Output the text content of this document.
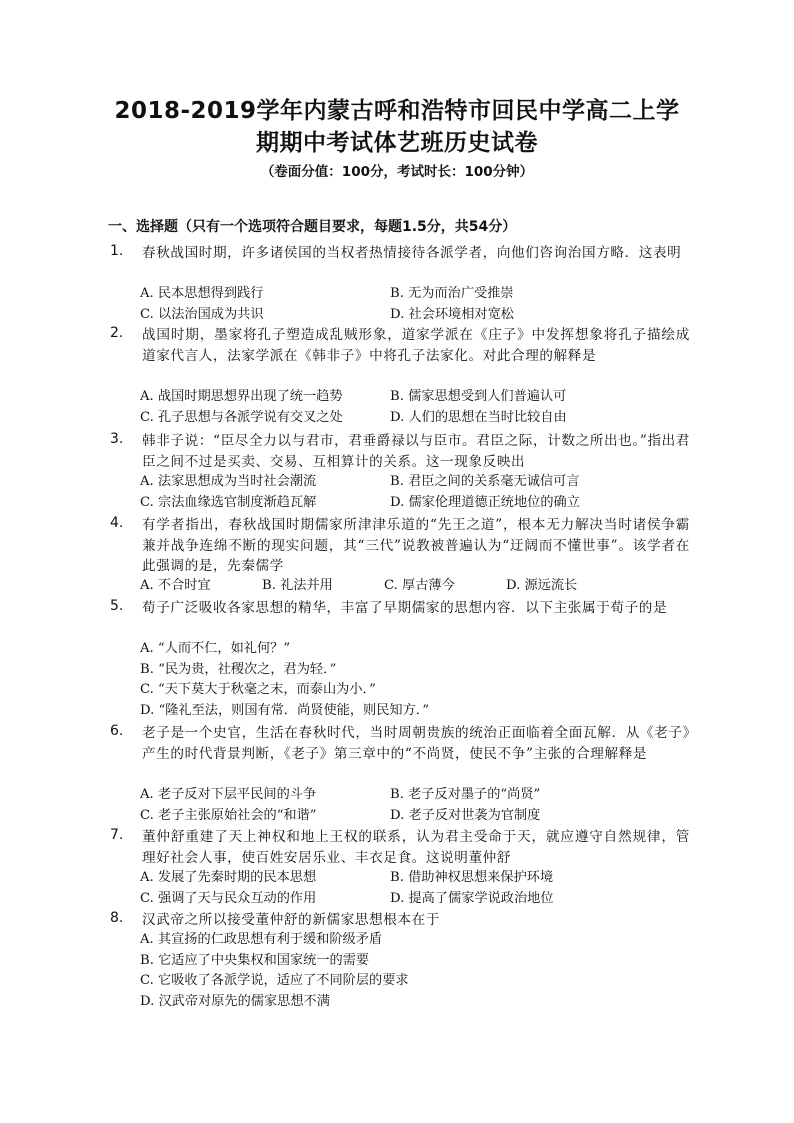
2018-2019学年内蒙古呼和浩特市回民中学高二上学
期期中考试体艺班历史试卷
（卷面分值：100分，考试时长：100分钟）
一、选择题（只有一个选项符合题目要求，每题1.5分，共54分）
1.	春秋战国时期，许多诸侯国的当权者热情接待各派学者，向他们咨询治国方略．这表明
A. 民本思想得到践行	B. 无为而治广受推崇
C. 以法治国成为共识	D. 社会环境相对宽松
2.	战国时期，墨家将孔子塑造成乱贼形象，道家学派在《庄子》中发挥想象将孔子描绘成道家代言人，法家学派在《韩非子》中将孔子法家化。对此合理的解释是
A. 战国时期思想界出现了统一趋势	B. 儒家思想受到人们普遍认可
C. 孔子思想与各派学说有交叉之处	D. 人们的思想在当时比较自由
3.	韩非子说：“臣尽全力以与君市，君垂爵禄以与臣市。君臣之际，计数之所出也。”指出君臣之间不过是买卖、交易、互相算计的关系。这一现象反映出
A. 法家思想成为当时社会潮流	B. 君臣之间的关系毫无诚信可言
C. 宗法血缘选官制度渐趋瓦解	D. 儒家伦理道德正统地位的确立
4.	有学者指出，春秋战国时期儒家所津津乐道的“先王之道”，根本无力解决当时诸侯争霸兼并战争连绵不断的现实问题，其“三代”说教被普遍认为“迂阔而不懂世事”。该学者在此强调的是，先秦儒学
A. 不合时宜	B. 礼法并用	C. 厚古薄今	D. 源远流长
5.	荀子广泛吸收各家思想的精华，丰富了早期儒家的思想内容．以下主张属于荀子的是
A. “人而不仁，如礼何？”
B. “民为贵，社稷次之，君为轻．”
C. “天下莫大于秋毫之末，而泰山为小．”
D. “隆礼至法，则国有常．尚贤使能，则民知方．”
6.	老子是一个史官，生活在春秋时代，当时周朝贵族的统治正面临着全面瓦解．从《老子》产生的时代背景判断，《老子》第三章中的“不尚贤，使民不争”主张的合理解释是
A. 老子反对下层平民间的斗争	B. 老子反对墨子的“尚贤”
C. 老子主张原始社会的“和谐”	D. 老子反对世袭为官制度
7.	董仲舒重建了天上神权和地上王权的联系，认为君主受命于天，就应遵守自然规律，管理好社会人事，使百姓安居乐业、丰衣足食。这说明董仲舒
A. 发展了先秦时期的民本思想	B. 借助神权思想来保护环境
C. 强调了天与民众互动的作用	D. 提高了儒家学说政治地位
8.	汉武帝之所以接受董仲舒的新儒家思想根本在于
A. 其宣扬的仁政思想有利于缓和阶级矛盾
B. 它适应了中央集权和国家统一的需要
C. 它吸收了各派学说，适应了不同阶层的要求
D. 汉武帝对原先的儒家思想不满
